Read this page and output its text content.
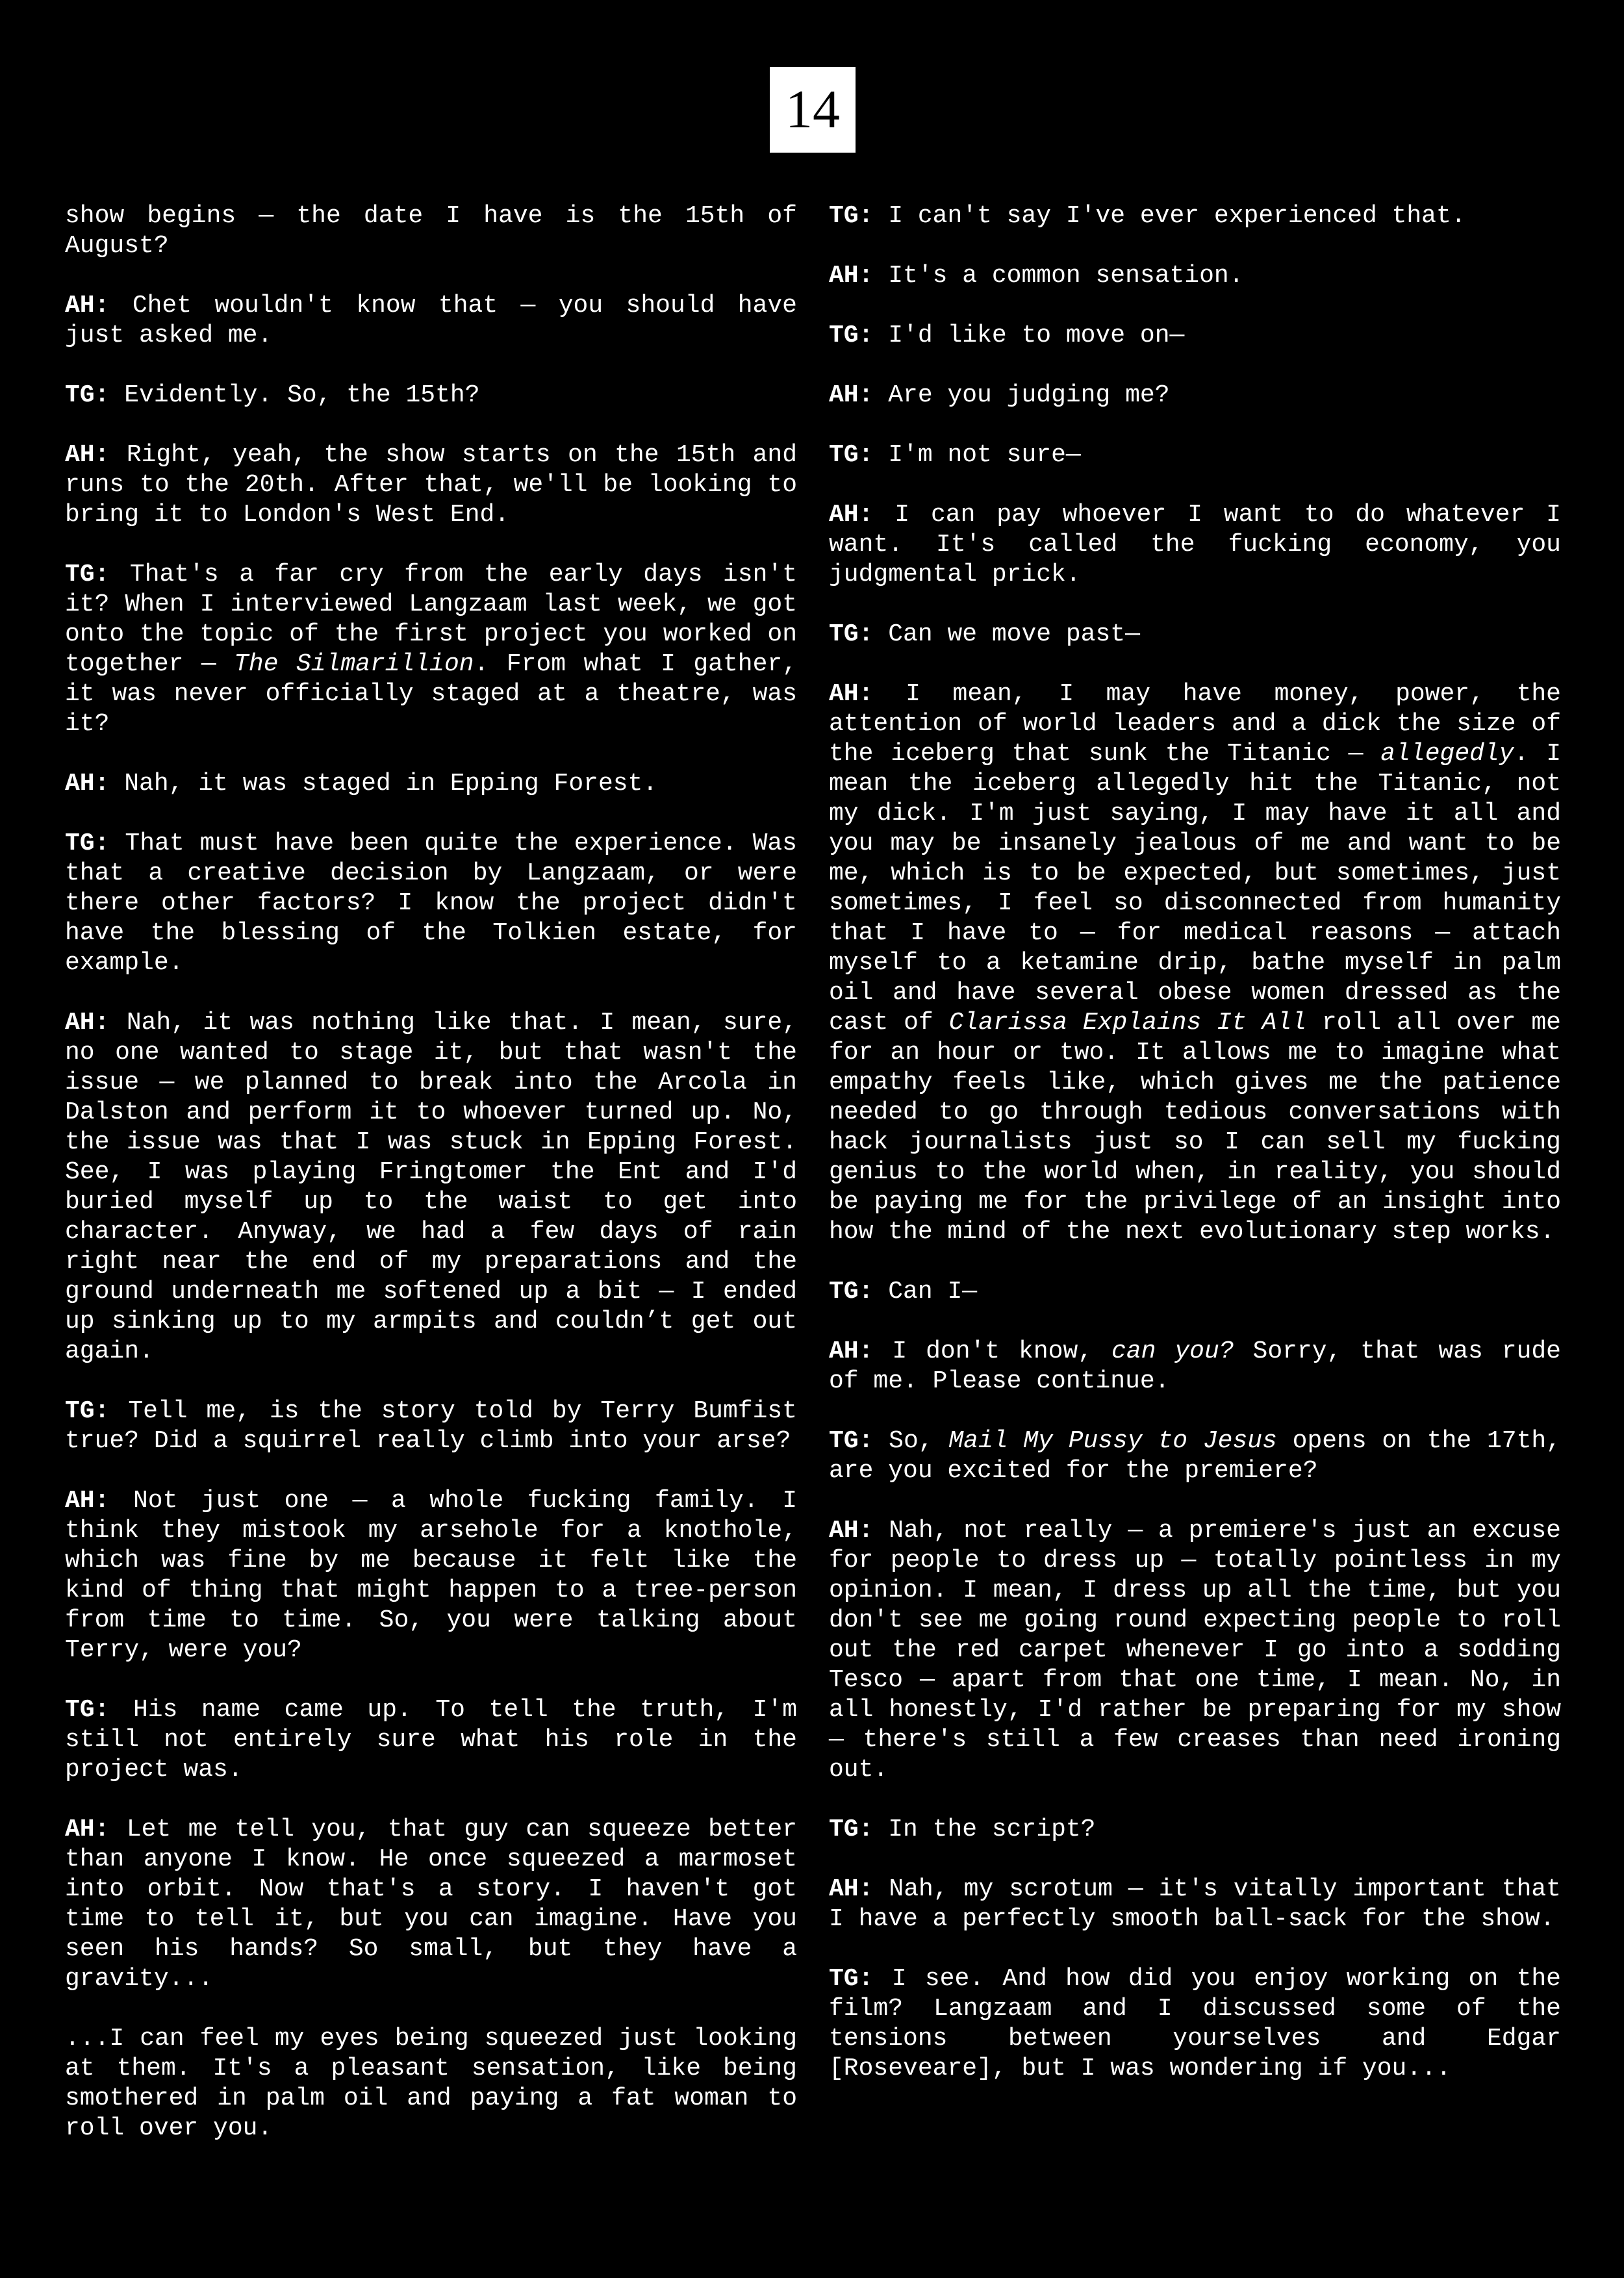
14

show begins — the date I have is the 15th of August?

AH: Chet wouldn't know that — you should have just asked me.

TG: Evidently. So, the 15th?

AH: Right, yeah, the show starts on the 15th and runs to the 20th. After that, we'll be looking to bring it to London's West End.

TG: That's a far cry from the early days isn't it? When I interviewed Langzaam last week, we got onto the topic of the first project you worked on together — The Silmarillion. From what I gather, it was never officially staged at a theatre, was it?

AH: Nah, it was staged in Epping Forest.

TG: That must have been quite the experience. Was that a creative decision by Langzaam, or were there other factors? I know the project didn't have the blessing of the Tolkien estate, for example.

AH: Nah, it was nothing like that. I mean, sure, no one wanted to stage it, but that wasn't the issue — we planned to break into the Arcola in Dalston and perform it to whoever turned up. No, the issue was that I was stuck in Epping Forest. See, I was playing Fringtomer the Ent and I'd buried myself up to the waist to get into character. Anyway, we had a few days of rain right near the end of my preparations and the ground underneath me softened up a bit — I ended up sinking up to my armpits and couldn’t get out again.

TG: Tell me, is the story told by Terry Bumfist true? Did a squirrel really climb into your arse?

AH: Not just one — a whole fucking family. I think they mistook my arsehole for a knothole, which was fine by me because it felt like the kind of thing that might happen to a tree-person from time to time. So, you were talking about Terry, were you?

TG: His name came up. To tell the truth, I'm still not entirely sure what his role in the project was.

AH: Let me tell you, that guy can squeeze better than anyone I know. He once squeezed a marmoset into orbit. Now that's a story. I haven't got time to tell it, but you can imagine. Have you seen his hands? So small, but they have a gravity...

...I can feel my eyes being squeezed just looking at them. It's a pleasant sensation, like being smothered in palm oil and paying a fat woman to roll over you.

TG: I can't say I've ever experienced that.

AH: It's a common sensation.

TG: I'd like to move on—

AH: Are you judging me?

TG: I'm not sure—

AH: I can pay whoever I want to do whatever I want. It's called the fucking economy, you judgmental prick.

TG: Can we move past—

AH: I mean, I may have money, power, the attention of world leaders and a dick the size of the iceberg that sunk the Titanic — allegedly. I mean the iceberg allegedly hit the Titanic, not my dick. I'm just saying, I may have it all and you may be insanely jealous of me and want to be me, which is to be expected, but sometimes, just sometimes, I feel so disconnected from humanity that I have to — for medical reasons — attach myself to a ketamine drip, bathe myself in palm oil and have several obese women dressed as the cast of Clarissa Explains It All roll all over me for an hour or two. It allows me to imagine what empathy feels like, which gives me the patience needed to go through tedious conversations with hack journalists just so I can sell my fucking genius to the world when, in reality, you should be paying me for the privilege of an insight into how the mind of the next evolutionary step works.

TG: Can I—

AH: I don't know, can you? Sorry, that was rude of me. Please continue.

TG: So, Mail My Pussy to Jesus opens on the 17th, are you excited for the premiere?

AH: Nah, not really — a premiere's just an excuse for people to dress up — totally pointless in my opinion. I mean, I dress up all the time, but you don't see me going round expecting people to roll out the red carpet whenever I go into a sodding Tesco — apart from that one time, I mean. No, in all honestly, I'd rather be preparing for my show — there's still a few creases than need ironing out.

TG: In the script?

AH: Nah, my scrotum — it's vitally important that I have a perfectly smooth ball-sack for the show.

TG: I see. And how did you enjoy working on the film? Langzaam and I discussed some of the tensions between yourselves and Edgar [Roseveare], but I was wondering if you...
